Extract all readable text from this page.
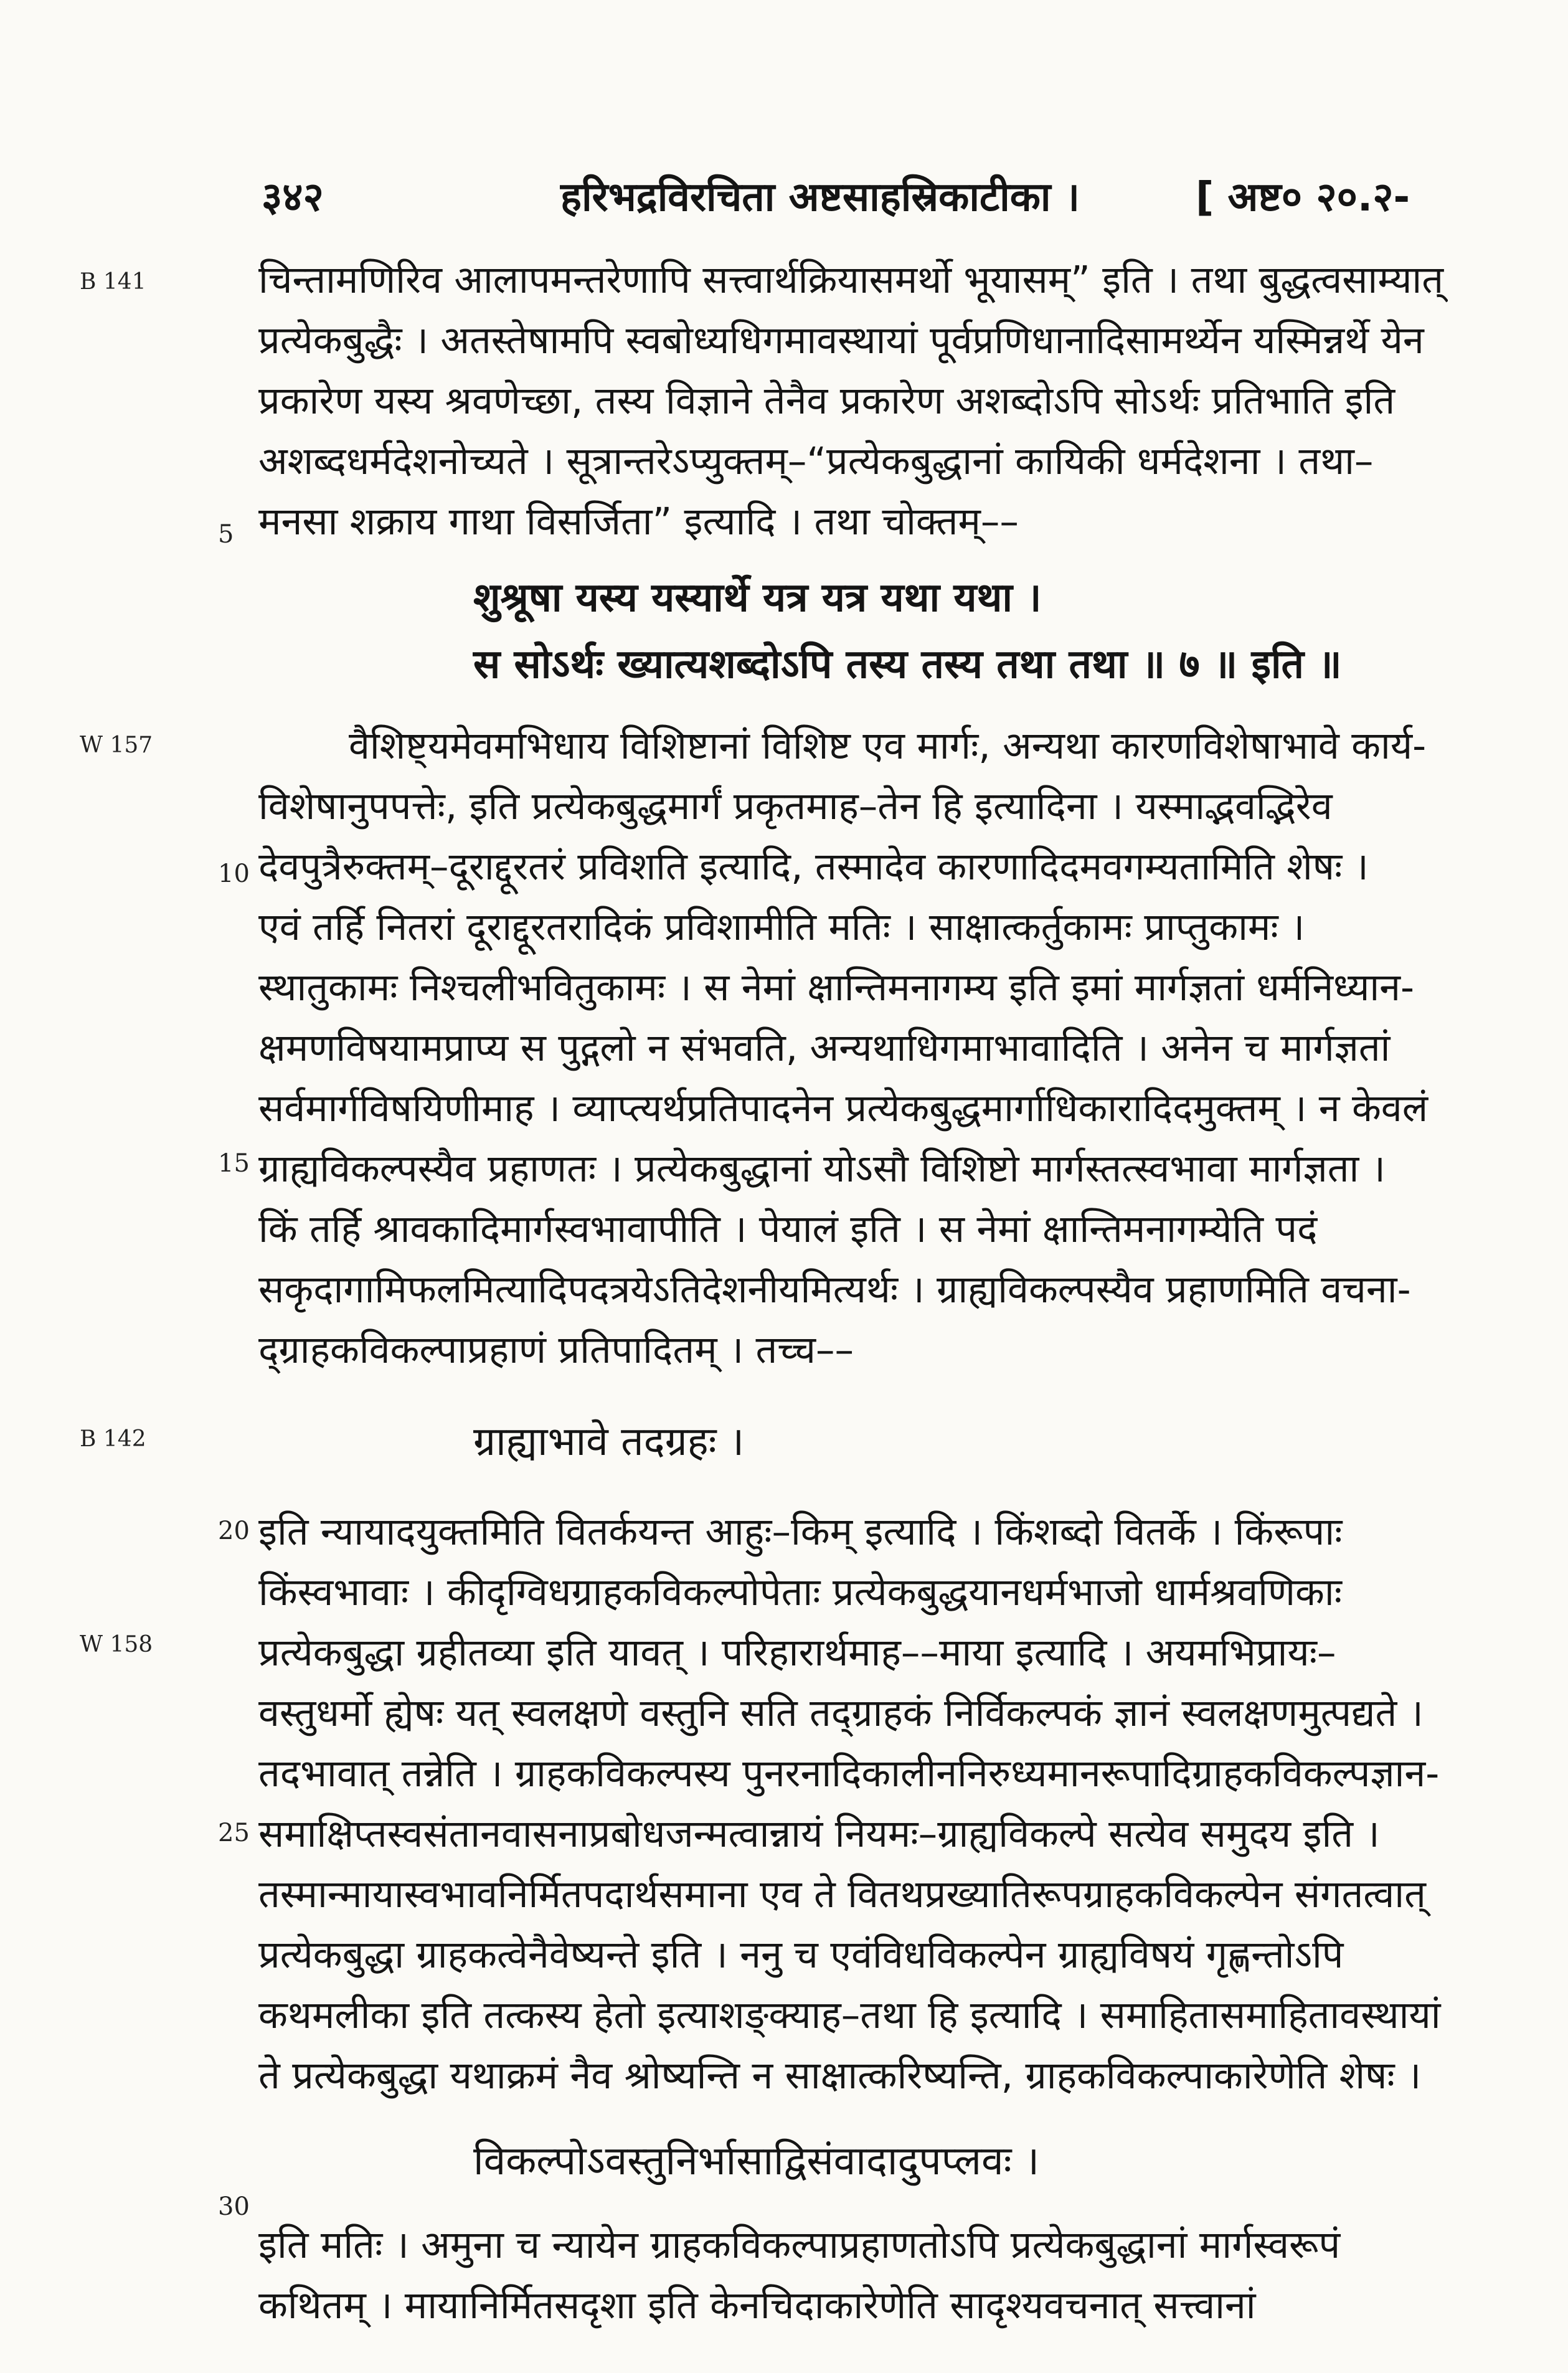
३४२	हरिभद्रविरचिता अष्टसाहस्रिकाटीका ।	[ अष्ट० २०.२-
B 141
W 157
B 142
W 158
5
10
15
20
25
30
चिन्तामणिरिव आलापमन्तरेणापि सत्त्वार्थक्रियासमर्थो भूयासम्” इति । तथा बुद्धत्वसाम्यात्
प्रत्येकबुद्धैः । अतस्तेषामपि स्वबोध्यधिगमावस्थायां पूर्वप्रणिधानादिसामर्थ्येन यस्मिन्नर्थे येन
प्रकारेण यस्य श्रवणेच्छा, तस्य विज्ञाने तेनैव प्रकारेण अशब्दोऽपि सोऽर्थः प्रतिभाति इति
अशब्दधर्मदेशनोच्यते । सूत्रान्तरेऽप्युक्तम्–“प्रत्येकबुद्धानां कायिकी धर्मदेशना । तथा–
मनसा शक्राय गाथा विसर्जिता” इत्यादि । तथा चोक्तम्––
शुश्रूषा यस्य यस्यार्थे यत्र यत्र यथा यथा ।
स सोऽर्थः ख्यात्यशब्दोऽपि तस्य तस्य तथा तथा ॥ ७ ॥ इति ॥
वैशिष्ट्यमेवमभिधाय विशिष्टानां विशिष्ट एव मार्गः, अन्यथा कारणविशेषाभावे कार्य-
विशेषानुपपत्तेः, इति प्रत्येकबुद्धमार्गं प्रकृतमाह–तेन हि इत्यादिना । यस्माद्भवद्भिरेव
देवपुत्रैरुक्तम्–दूराद्दूरतरं प्रविशति इत्यादि, तस्मादेव कारणादिदमवगम्यतामिति शेषः ।
एवं तर्हि नितरां दूराद्दूरतरादिकं प्रविशामीति मतिः । साक्षात्कर्तुकामः प्राप्तुकामः ।
स्थातुकामः निश्चलीभवितुकामः । स नेमां क्षान्तिमनागम्य इति इमां मार्गज्ञतां धर्मनिध्यान-
क्षमणविषयामप्राप्य स पुद्गलो न संभवति, अन्यथाधिगमाभावादिति । अनेन च मार्गज्ञतां
सर्वमार्गविषयिणीमाह । व्याप्त्यर्थप्रतिपादनेन प्रत्येकबुद्धमार्गाधिकारादिदमुक्तम् । न केवलं
ग्राह्यविकल्पस्यैव प्रहाणतः । प्रत्येकबुद्धानां योऽसौ विशिष्टो मार्गस्तत्स्वभावा मार्गज्ञता ।
किं तर्हि श्रावकादिमार्गस्वभावापीति । पेयालं इति । स नेमां क्षान्तिमनागम्येति पदं
सकृदागामिफलमित्यादिपदत्रयेऽतिदेशनीयमित्यर्थः । ग्राह्यविकल्पस्यैव प्रहाणमिति वचना-
द्ग्राहकविकल्पाप्रहाणं प्रतिपादितम् । तच्च––
ग्राह्याभावे तदग्रहः ।
इति न्यायादयुक्तमिति वितर्कयन्त आहुः–किम् इत्यादि । किंशब्दो वितर्के । किंरूपाः
किंस्वभावाः । कीदृग्विधग्राहकविकल्पोपेताः प्रत्येकबुद्धयानधर्मभाजो धार्मश्रवणिकाः
प्रत्येकबुद्धा ग्रहीतव्या इति यावत् । परिहारार्थमाह––माया इत्यादि । अयमभिप्रायः–
वस्तुधर्मो ह्येषः यत् स्वलक्षणे वस्तुनि सति तद्ग्राहकं निर्विकल्पकं ज्ञानं स्वलक्षणमुत्पद्यते ।
तदभावात् तन्नेति । ग्राहकविकल्पस्य पुनरनादिकालीननिरुध्यमानरूपादिग्राहकविकल्पज्ञान-
समाक्षिप्तस्वसंतानवासनाप्रबोधजन्मत्वान्नायं नियमः–ग्राह्यविकल्पे सत्येव समुदय इति ।
तस्मान्मायास्वभावनिर्मितपदार्थसमाना एव ते वितथप्रख्यातिरूपग्राहकविकल्पेन संगतत्वात्
प्रत्येकबुद्धा ग्राहकत्वेनैवेष्यन्ते इति । ननु च एवंविधविकल्पेन ग्राह्यविषयं गृह्णन्तोऽपि
कथमलीका इति तत्कस्य हेतो इत्याशङ्क्याह–तथा हि इत्यादि । समाहितासमाहितावस्थायां
ते प्रत्येकबुद्धा यथाक्रमं नैव श्रोष्यन्ति न साक्षात्करिष्यन्ति, ग्राहकविकल्पाकारेणेति शेषः ।
विकल्पोऽवस्तुनिर्भासाद्विसंवादादुपप्लवः ।
इति मतिः । अमुना च न्यायेन ग्राहकविकल्पाप्रहाणतोऽपि प्रत्येकबुद्धानां मार्गस्वरूपं
कथितम् । मायानिर्मितसदृशा इति केनचिदाकारेणेति सादृश्यवचनात् सत्त्वानां
